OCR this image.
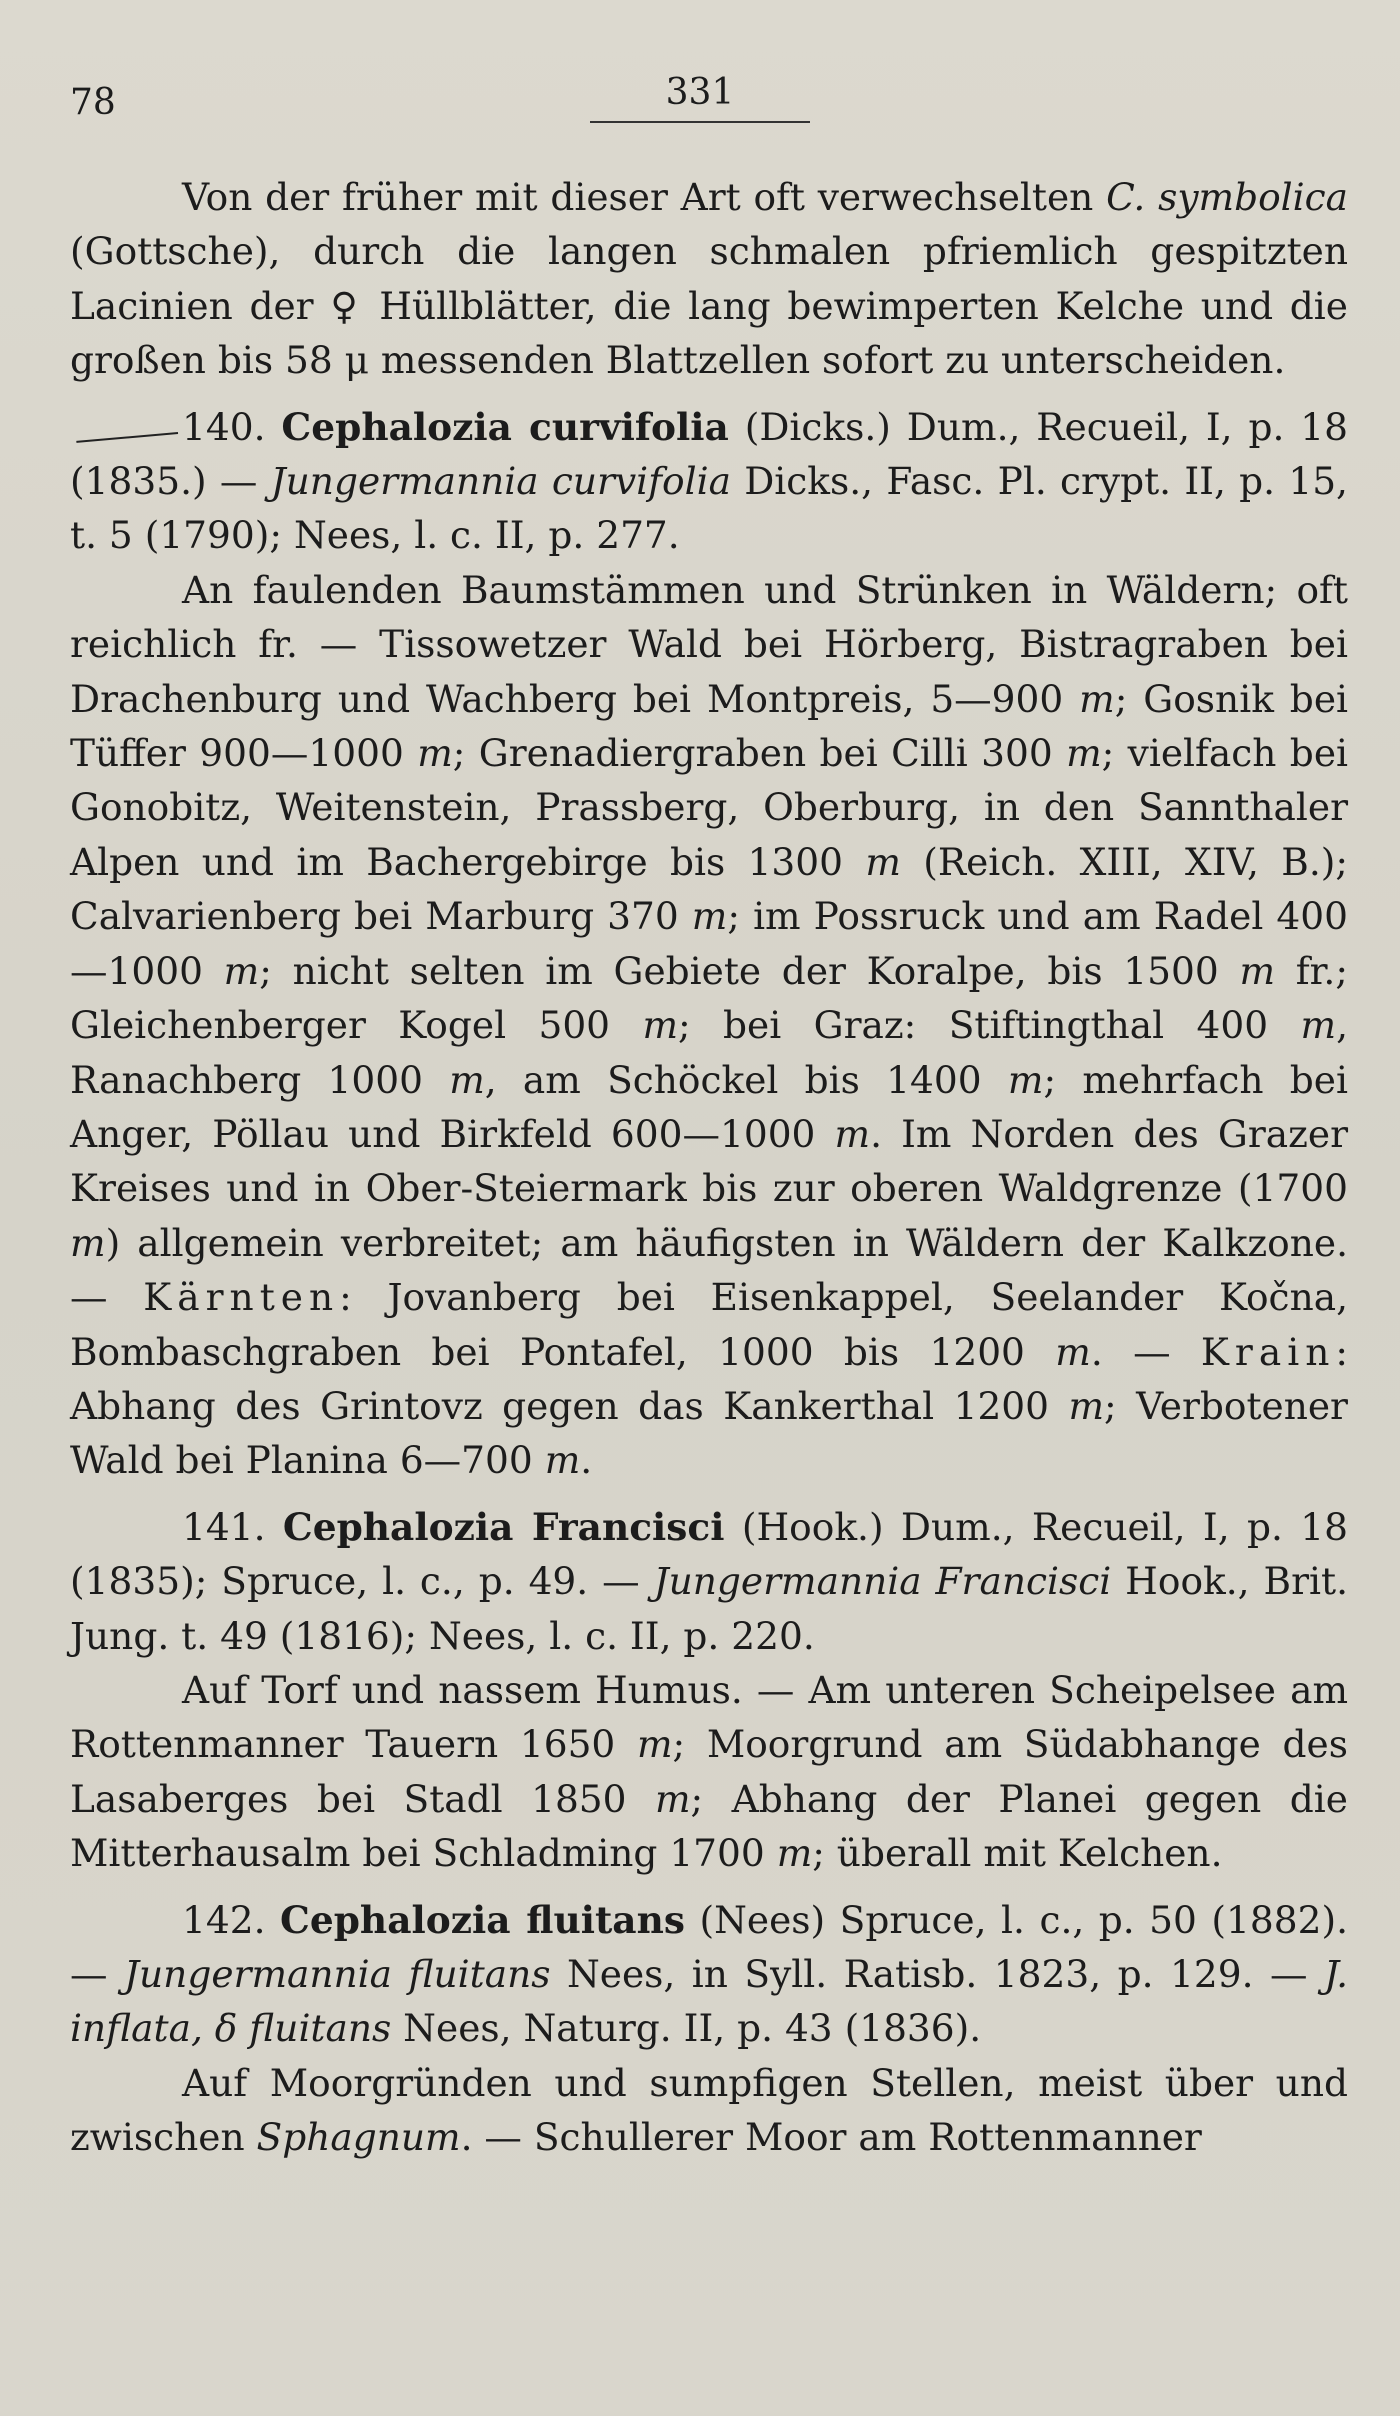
78	331

Von der früher mit dieser Art oft verwechselten C. symbolica (Gottsche), durch die langen schmalen pfriemlich gespitzten Lacinien der ♀ Hüllblätter, die lang bewimperten Kelche und die großen bis 58 μ messenden Blattzellen sofort zu unterscheiden.

140. Cephalozia curvifolia (Dicks.) Dum., Recueil, I, p. 18 (1835.) — Jungermannia curvifolia Dicks., Fasc. Pl. crypt. II, p. 15, t. 5 (1790); Nees, l. c. II, p. 277.

An faulenden Baumstämmen und Strünken in Wäldern; oft reichlich fr. — Tissowetzer Wald bei Hörberg, Bistragraben bei Drachenburg und Wachberg bei Montpreis, 5—900 m; Gosnik bei Tüffer 900—1000 m; Grenadiergraben bei Cilli 300 m; vielfach bei Gonobitz, Weitenstein, Prassberg, Oberburg, in den Sannthaler Alpen und im Bachergebirge bis 1300 m (Reich. XIII, XIV, B.); Calvarienberg bei Marburg 370 m; im Possruck und am Radel 400—1000 m; nicht selten im Gebiete der Koralpe, bis 1500 m fr.; Gleichenberger Kogel 500 m; bei Graz: Stiftingthal 400 m, Ranachberg 1000 m, am Schöckel bis 1400 m; mehrfach bei Anger, Pöllau und Birkfeld 600—1000 m. Im Norden des Grazer Kreises und in Ober-Steiermark bis zur oberen Waldgrenze (1700 m) allgemein verbreitet; am häufigsten in Wäldern der Kalkzone. — Kärnten: Jovanberg bei Eisenkappel, Seelander Kočna, Bombaschgraben bei Pontafel, 1000 bis 1200 m. — Krain: Abhang des Grintovz gegen das Kankerthal 1200 m; Verbotener Wald bei Planina 6—700 m.

141. Cephalozia Francisci (Hook.) Dum., Recueil, I, p. 18 (1835); Spruce, l. c., p. 49. — Jungermannia Francisci Hook., Brit. Jung. t. 49 (1816); Nees, l. c. II, p. 220.

Auf Torf und nassem Humus. — Am unteren Scheipelsee am Rottenmanner Tauern 1650 m; Moorgrund am Südabhange des Lasaberges bei Stadl 1850 m; Abhang der Planei gegen die Mitterhausalm bei Schladming 1700 m; überall mit Kelchen.

142. Cephalozia fluitans (Nees) Spruce, l. c., p. 50 (1882). — Jungermannia fluitans Nees, in Syll. Ratisb. 1823, p. 129. — J. inflata, δ fluitans Nees, Naturg. II, p. 43 (1836).

Auf Moorgründen und sumpfigen Stellen, meist über und zwischen Sphagnum. — Schullerer Moor am Rottenmanner
